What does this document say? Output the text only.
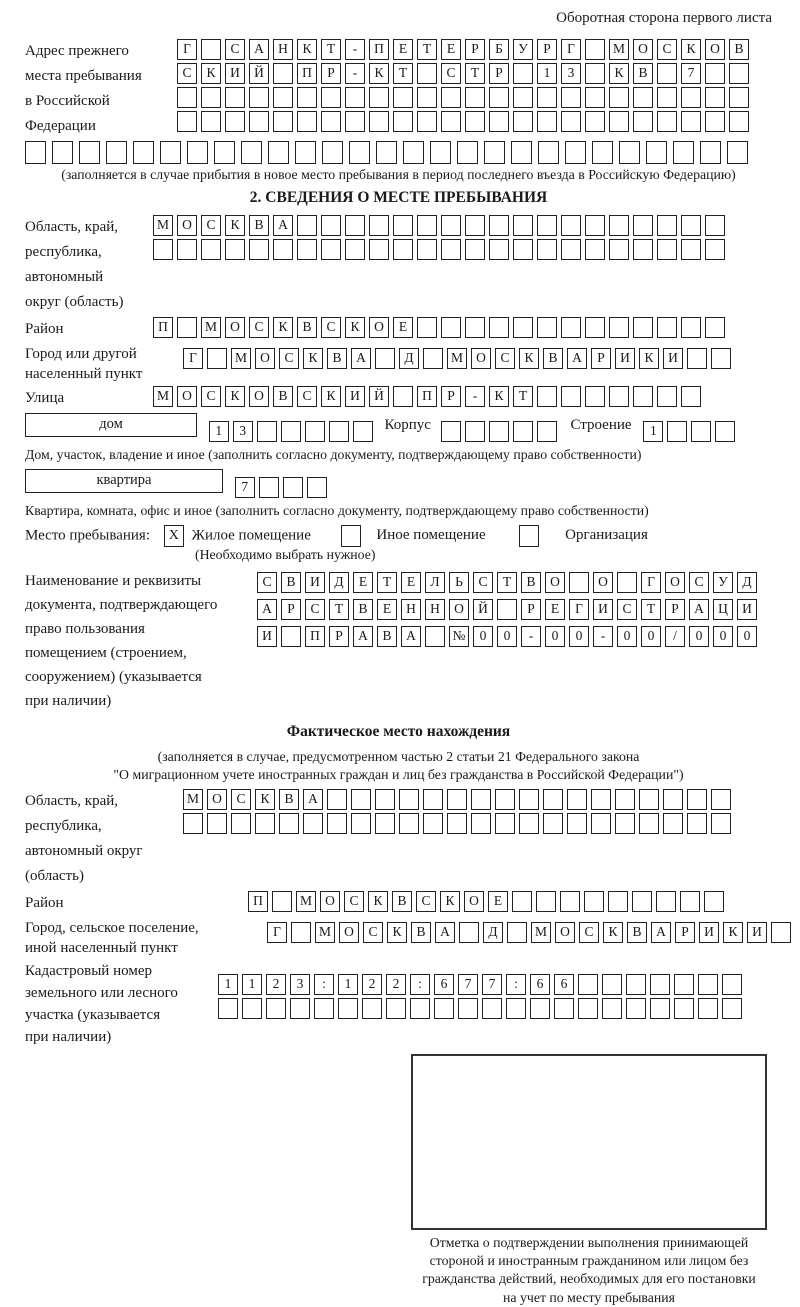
Оборотная сторона первого листа
Адрес прежнего
места пребывания
в Российской
Федерации
Г	С А Н К Т - П Е Т Е Р Б У Р Г	М О С К О В
С К И Й	П Р - К Т	С Т Р	1 3	К В	7
(заполняется в случае прибытия в новое место пребывания в период последнего въезда в Российскую Федерацию)
2. СВЕДЕНИЯ О МЕСТЕ ПРЕБЫВАНИЯ
Область, край,
республика,
автономный
округ (область)
М О С К В А
Район	П	М О С К В С К О Е
Город или другой
населенный пункт
Г	М О С К В А	Д	М О С К В А Р И К И
Улица	М О С К О В С К И Й	П Р - К Т
дом	1 3	Корпус	Строение 1
Дом, участок, владение и иное (заполнить согласно документу, подтверждающему право собственности)
квартира	7
Квартира, комната, офис и иное (заполнить согласно документу, подтверждающему право собственности)
Место пребывания: X Жилое помещение	Иное помещение	Организация
(Необходимо выбрать нужное)
Наименование и реквизиты
документа, подтверждающего
право пользования
помещением (строением,
сооружением) (указывается
при наличии)
С В И Д Е Т Е Л Ь С Т В О	О	Г О С У Д
А Р С Т В Е Н Н О Й	Р Е Г И С Т Р А Ц И
И	П Р А В А	№ 0 0 - 0 0 - 0 0 / 0 0 0
Фактическое место нахождения
(заполняется в случае, предусмотренном частью 2 статьи 21 Федерального закона
"О миграционном учете иностранных граждан и лиц без гражданства в Российской Федерации")
Область, край,
республика,
автономный округ
(область)
М О С К В А
Район	П	М О С К В С К О Е
Город, сельское поселение,
иной населенный пункт
Г	М О С К В А	Д	М О С К В А Р И К И
Кадастровый номер
земельного или лесного
участка (указывается
при наличии)
1 1 2 3 : 1 2 2 : 6 7 7 : 6 6
Отметка о подтверждении выполнения принимающей
стороной и иностранным гражданином или лицом без
гражданства действий, необходимых для его постановки
на учет по месту пребывания
